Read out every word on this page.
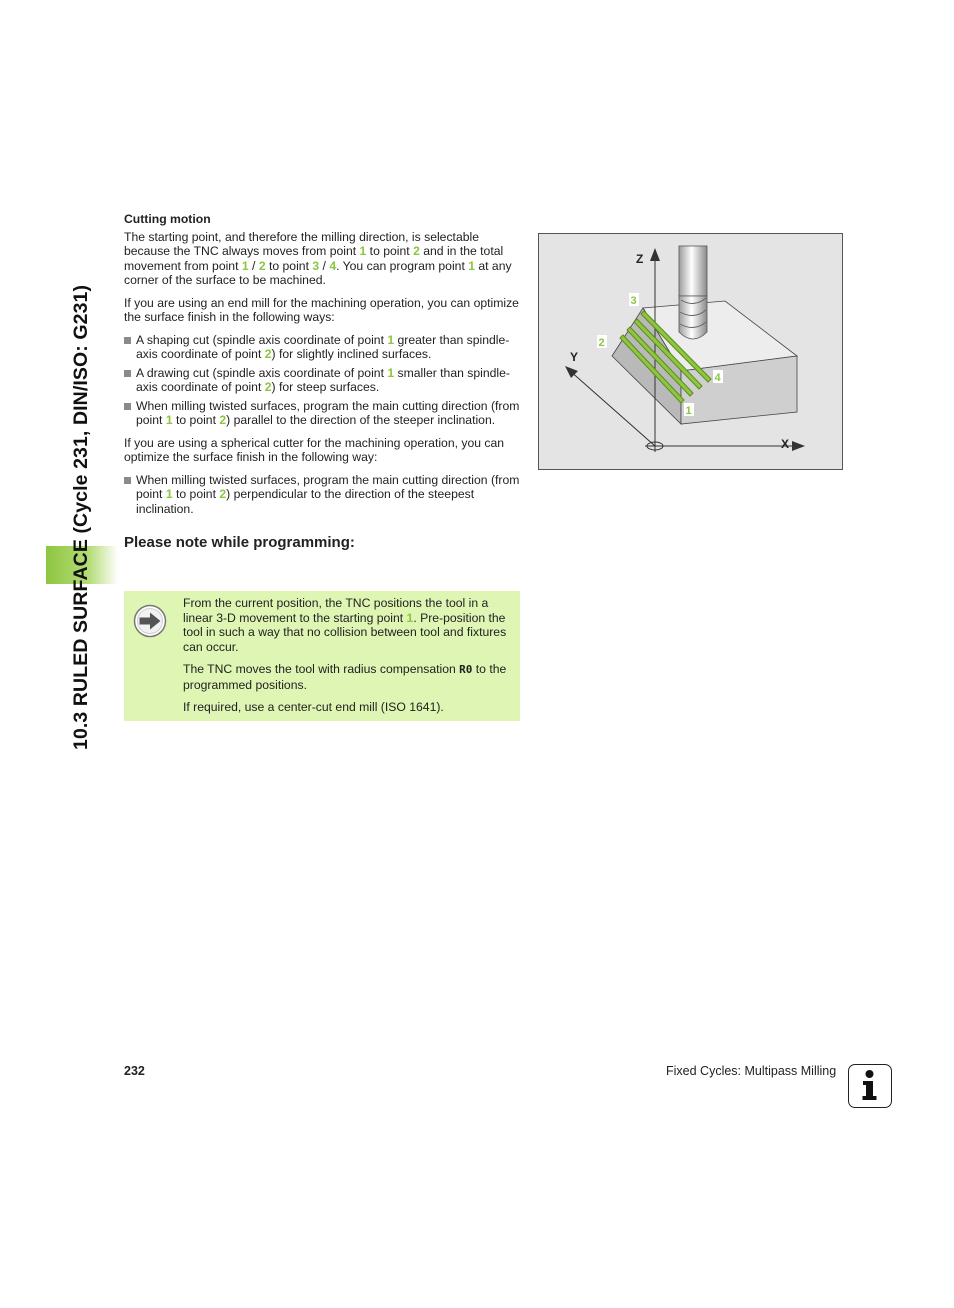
10.3 RULED SURFACE (Cycle 231, DIN/ISO: G231)
Cutting motion

The starting point, and therefore the milling direction, is selectable because the TNC always moves from point 1 to point 2 and in the total movement from point 1 / 2 to point 3 / 4. You can program point 1 at any corner of the surface to be machined.

If you are using an end mill for the machining operation, you can optimize the surface finish in the following ways:

A shaping cut (spindle axis coordinate of point 1 greater than spindle-axis coordinate of point 2) for slightly inclined surfaces.
A drawing cut (spindle axis coordinate of point 1 smaller than spindle-axis coordinate of point 2) for steep surfaces.
When milling twisted surfaces, program the main cutting direction (from point 1 to point 2) parallel to the direction of the steeper inclination.

If you are using a spherical cutter for the machining operation, you can optimize the surface finish in the following way:

When milling twisted surfaces, program the main cutting direction (from point 1 to point 2) perpendicular to the direction of the steepest inclination.
Please note while programming:

From the current position, the TNC positions the tool in a linear 3-D movement to the starting point 1. Pre-position the tool in such a way that no collision between tool and fixtures can occur.

The TNC moves the tool with radius compensation R0 to the programmed positions.

If required, use a center-cut end mill (ISO 1641).

Z
Y
X
3
2
4
1
232	Fixed Cycles: Multipass Milling
